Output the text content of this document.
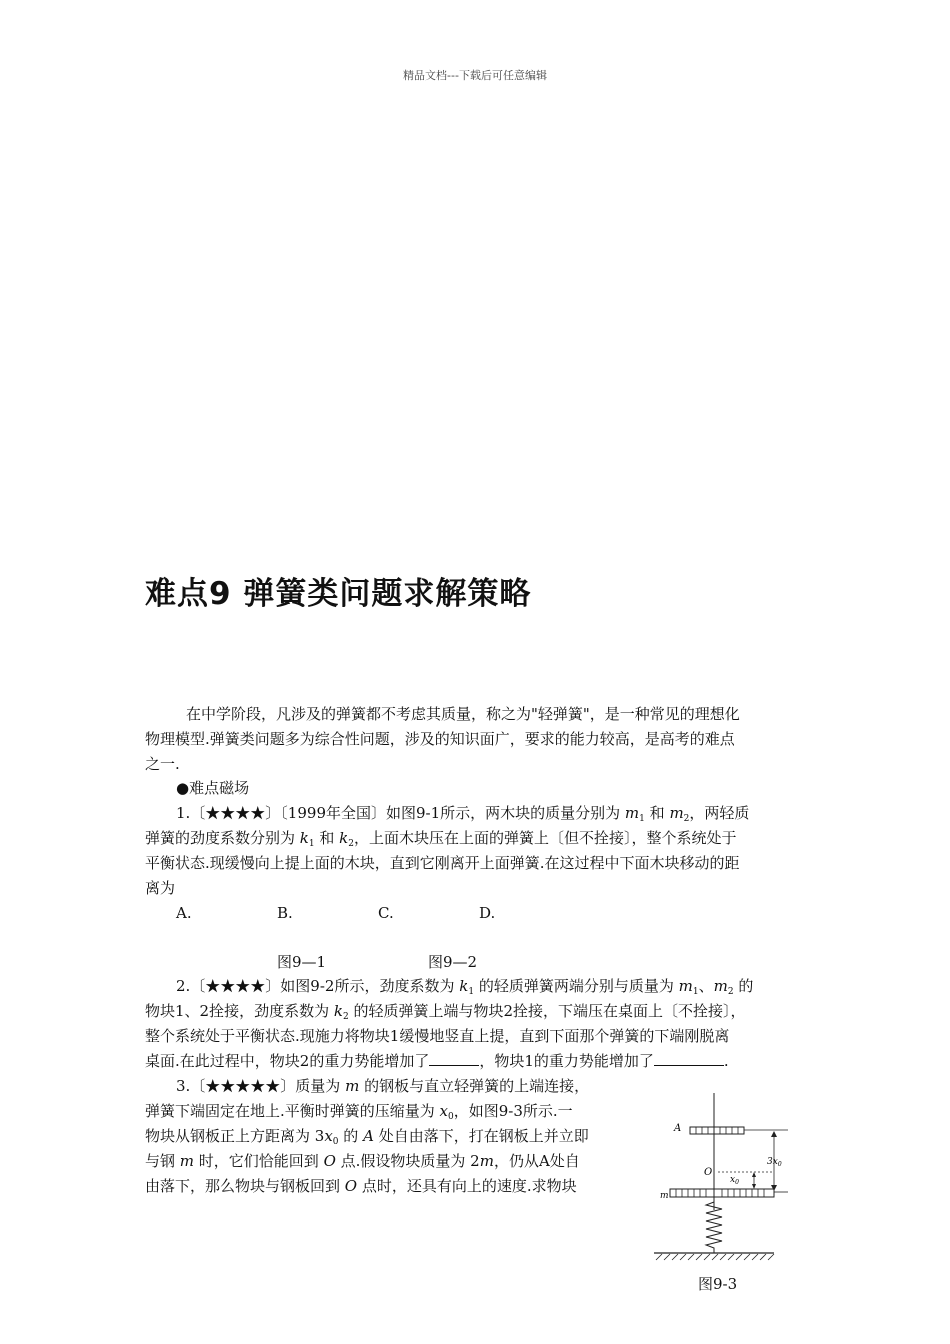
精品文档---下载后可任意编辑
难点9 弹簧类问题求解策略
在中学阶段，凡涉及的弹簧都不考虑其质量，称之为"轻弹簧"，是一种常见的理想化
物理模型.弹簧类问题多为综合性问题，涉及的知识面广，要求的能力较高，是高考的难点
之一.
●难点磁场
1.〔★★★★〕〔1999年全国〕如图9-1所示，两木块的质量分别为 $m_1$ 和 $m_2$，两轻质
弹簧的劲度系数分别为 $k_1$ 和 $k_2$，上面木块压在上面的弹簧上〔但不拴接〕，整个系统处于
平衡状态.现缓慢向上提上面的木块，直到它刚离开上面弹簧.在这过程中下面木块移动的距
离为
A.	B.	C.	D.
图9—1	图9—2
2.〔★★★★〕如图9-2所示，劲度系数为 $k_1$ 的轻质弹簧两端分别与质量为 $m_1$、$m_2$ 的
物块1、2拴接，劲度系数为 $k_2$ 的轻质弹簧上端与物块2拴接，下端压在桌面上〔不拴接〕，
整个系统处于平衡状态.现施力将物块1缓慢地竖直上提，直到下面那个弹簧的下端刚脱离
桌面.在此过程中，物块2的重力势能增加了	，物块1的重力势能增加了	.
3.〔★★★★★〕质量为 m 的钢板与直立轻弹簧的上端连接，
弹簧下端固定在地上.平衡时弹簧的压缩量为 $x_0$，如图9-3所示.一
物块从钢板正上方距离为 $3x_0$ 的 A 处自由落下，打在钢板上并立即
与钢 m 时，它们恰能回到 O 点.假设物块质量为 2m，仍从A处自
由落下，那么物块与钢板回到 O 点时，还具有向上的速度.求物块
A
O
m
$3x_0$
$x_0$
图9-3
